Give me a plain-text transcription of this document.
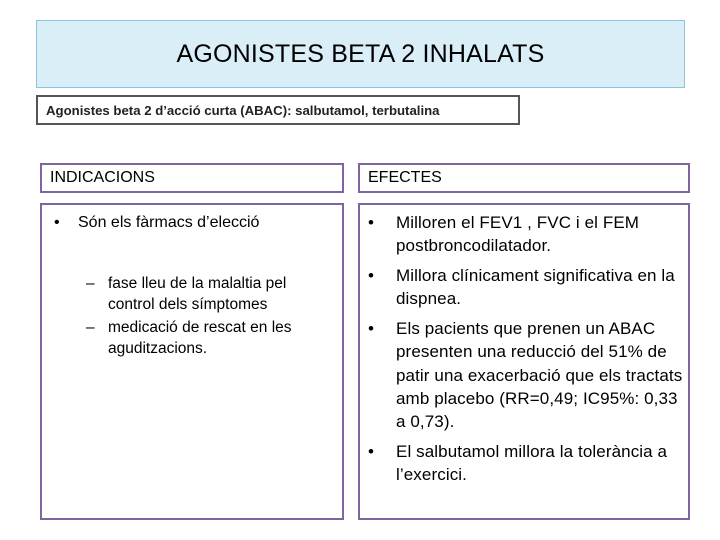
AGONISTES BETA 2 INHALATS
Agonistes beta 2 d’acció curta (ABAC): salbutamol, terbutalina
INDICACIONS	EFECTES
• Són els fàrmacs d’elecció
– fase lleu de la malaltia pel control dels símptomes
– medicació de rescat en les aguditzacions.
• Milloren el FEV1 , FVC i el FEM postbroncodilatador.
• Millora clínicament significativa en la dispnea.
• Els pacients que prenen un ABAC presenten una reducció del 51% de patir una exacerbació que els tractats amb placebo (RR=0,49; IC95%: 0,33 a 0,73).
• El salbutamol millora la tolerància a l’exercici.
